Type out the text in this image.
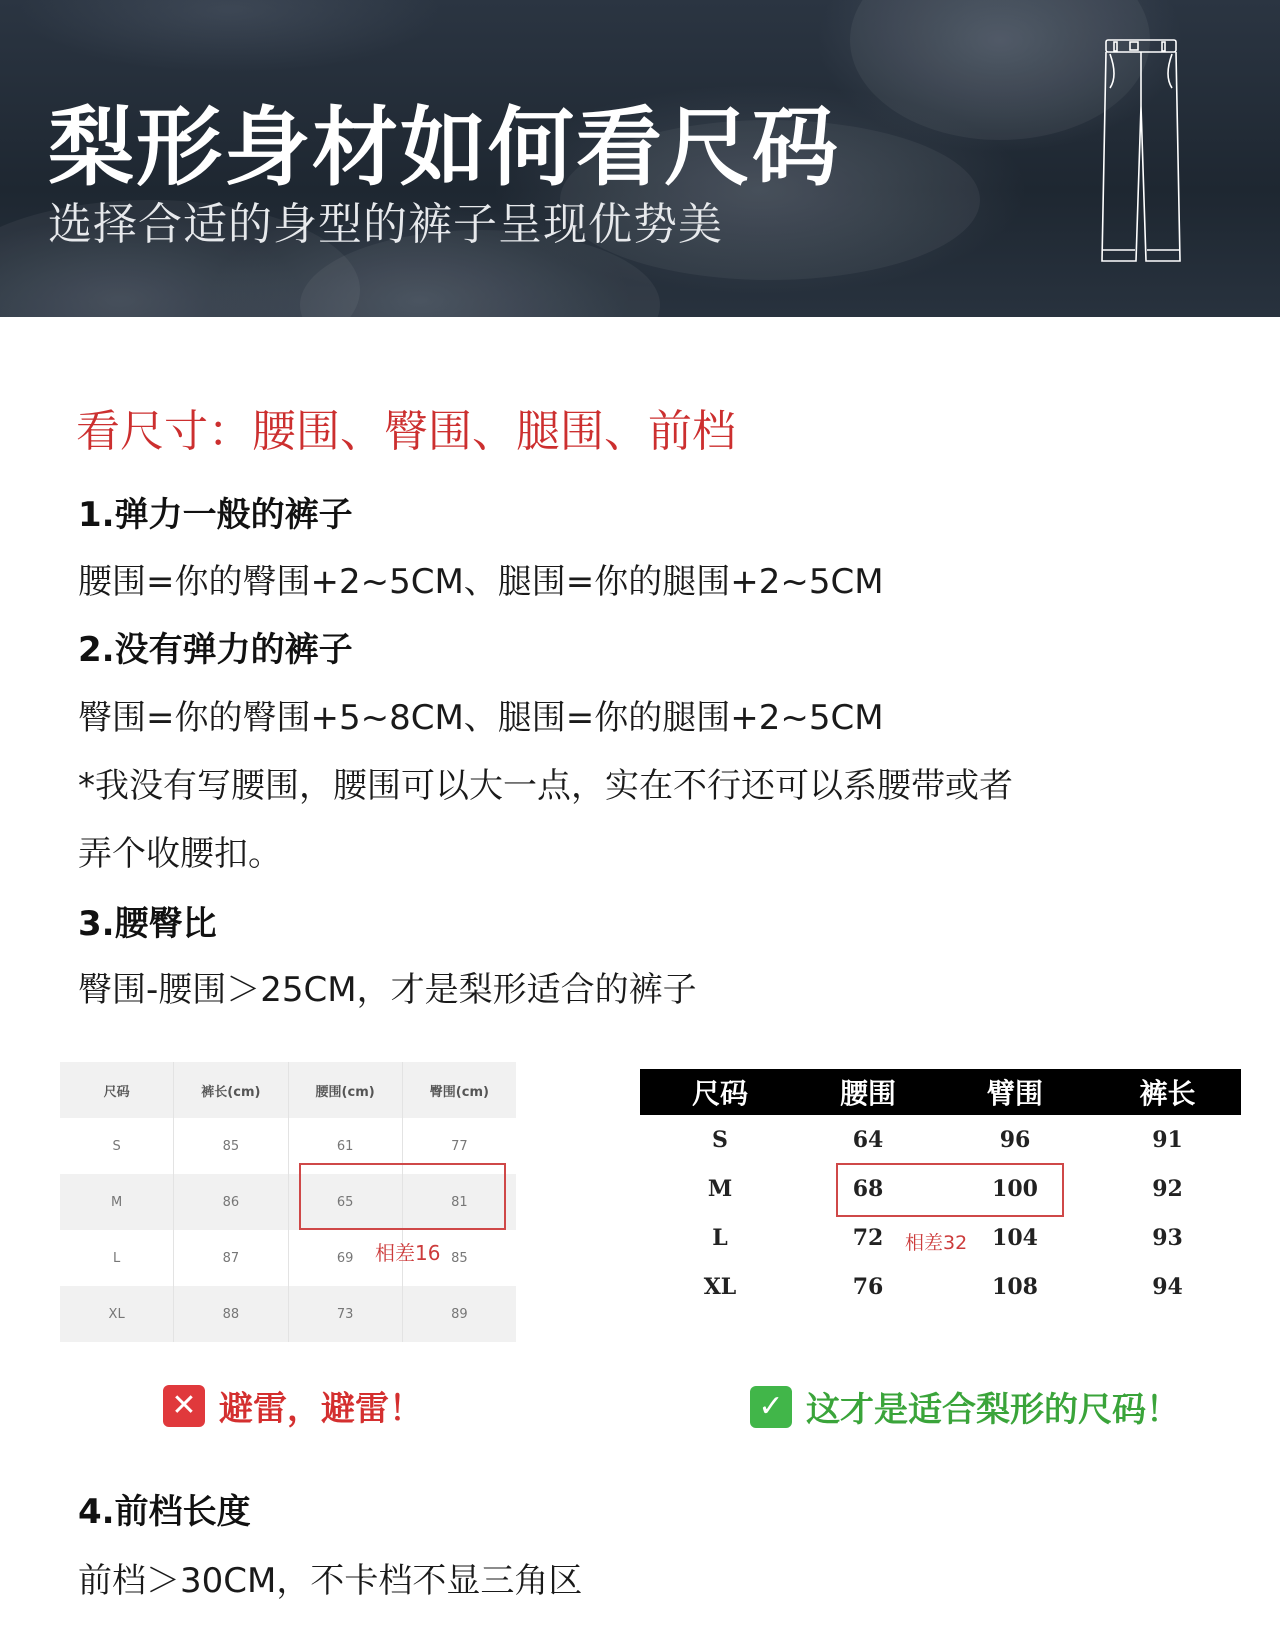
梨形身材如何看尺码

选择合适的身型的裤子呈现优势美

看尺寸：腰围、臀围、腿围、前档
1.弹力一般的裤子

腰围=你的臀围+2~5CM、腿围=你的腿围+2~5CM

2.没有弹力的裤子

臀围=你的臀围+5~8CM、腿围=你的腿围+2~5CM

*我没有写腰围，腰围可以大一点，实在不行还可以系腰带或者

弄个收腰扣。

3.腰臀比

臀围-腰围＞25CM，才是梨形适合的裤子

尺码	裤长(cm)	腰围(cm)	臀围(cm)
S	85	61	77
M	86	65	81
L	87	69	85
XL	88	73	89
相差16
尺码	腰围	臂围	裤长
S	64	96	91
M	68	100	92
L	72	104	93
XL	76	108	94
相差32
✕ 避雷，避雷！	✓ 这才是适合梨形的尺码！
4.前档长度

前档＞30CM，不卡档不显三角区
